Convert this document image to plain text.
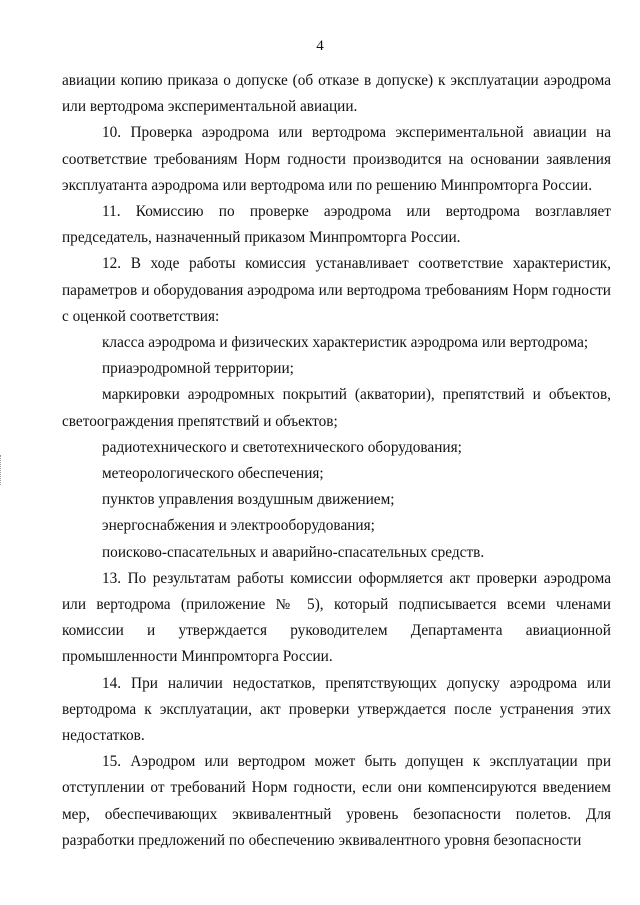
4

авиации копию приказа о допуске (об отказе в допуске) к эксплуатации аэродрома или вертодрома экспериментальной авиации.

10. Проверка аэродрома или вертодрома экспериментальной авиации на соответствие требованиям Норм годности производится на основании заявления эксплуатанта аэродрома или вертодрома или по решению Минпромторга России.

11. Комиссию по проверке аэродрома или вертодрома возглавляет председатель, назначенный приказом Минпромторга России.

12. В ходе работы комиссия устанавливает соответствие характеристик, параметров и оборудования аэродрома или вертодрома требованиям Норм годности с оценкой соответствия:

класса аэродрома и физических характеристик аэродрома или вертодрома;

приаэродромной территории;

маркировки аэродромных покрытий (акватории), препятствий и объектов, светоограждения препятствий и объектов;

радиотехнического и светотехнического оборудования;

метеорологического обеспечения;

пунктов управления воздушным движением;

энергоснабжения и электрооборудования;

поисково-спасательных и аварийно-спасательных средств.

13. По результатам работы комиссии оформляется акт проверки аэродрома или вертодрома (приложение № 5), который подписывается всеми членами комиссии и утверждается руководителем Департамента авиационной промышленности Минпромторга России.

14. При наличии недостатков, препятствующих допуску аэродрома или вертодрома к эксплуатации, акт проверки утверждается после устранения этих недостатков.

15. Аэродром или вертодром может быть допущен к эксплуатации при отступлении от требований Норм годности, если они компенсируются введением мер, обеспечивающих эквивалентный уровень безопасности полетов. Для разработки предложений по обеспечению эквивалентного уровня безопасности
